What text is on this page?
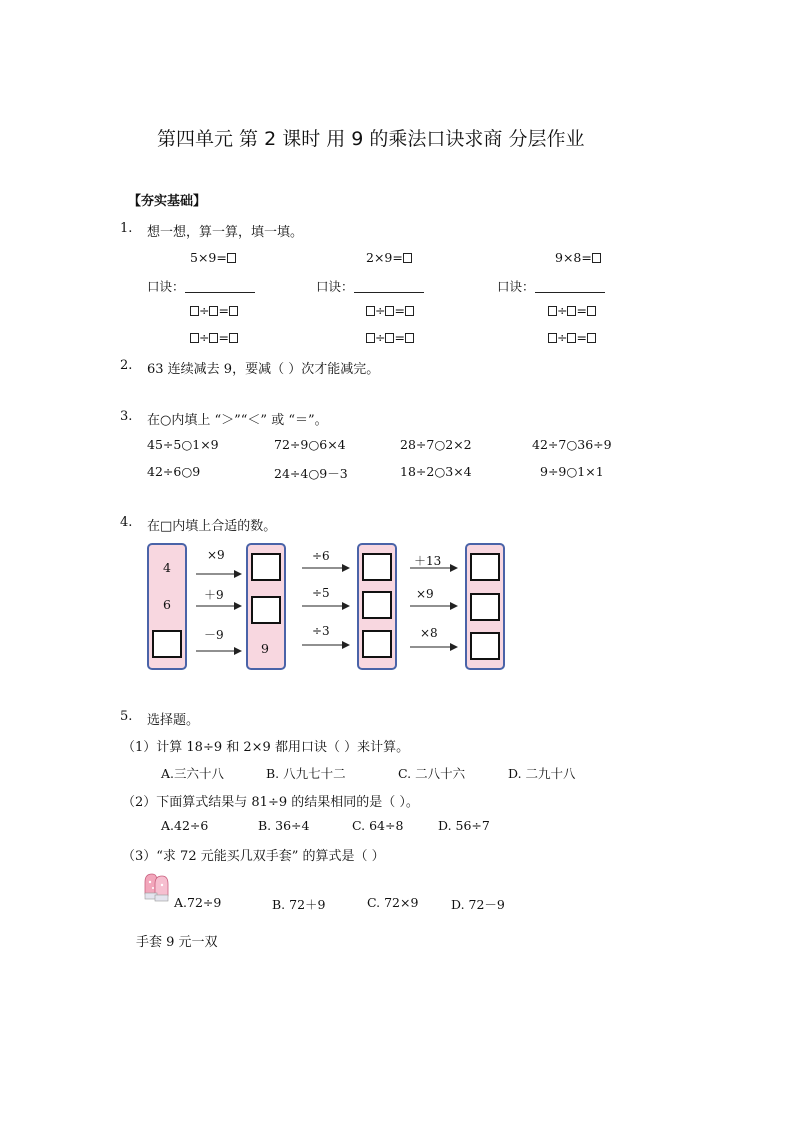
第四单元 第 2 课时 用 9 的乘法口诀求商 分层作业
【夯实基础】
1. 想一想，算一算，填一填。
5×9=	2×9=	9×8=
口诀：	口诀：	口诀：
÷ =	÷ =	÷ =
÷ =	÷ =	÷ =
2. 63 连续减去 9，要减（ ）次才能减完。
3. 在○内填上 “＞”“＜” 或 “＝”。
45÷5○1×9	72÷9○6×4	28÷7○2×2	42÷7○36÷9
42÷6○9	24÷4○9－3	18÷2○3×4	9÷9○1×1
4. 在□内填上合适的数。
4
6
9
×9
＋9
－9
÷6
÷5
÷3
＋13
×9
×8
5. 选择题。
（1）计算 18÷9 和 2×9 都用口诀（ ）来计算。
A.三六十八	B. 八九七十二	C. 二八十六	D. 二九十八
（2）下面算式结果与 81÷9 的结果相同的是（ ）。
A.42÷6	B. 36÷4	C. 64÷8	D. 56÷7
（3）“求 72 元能买几双手套” 的算式是（ ）
A.72÷9	B. 72＋9	C. 72×9	D. 72－9
手套 9 元一双
